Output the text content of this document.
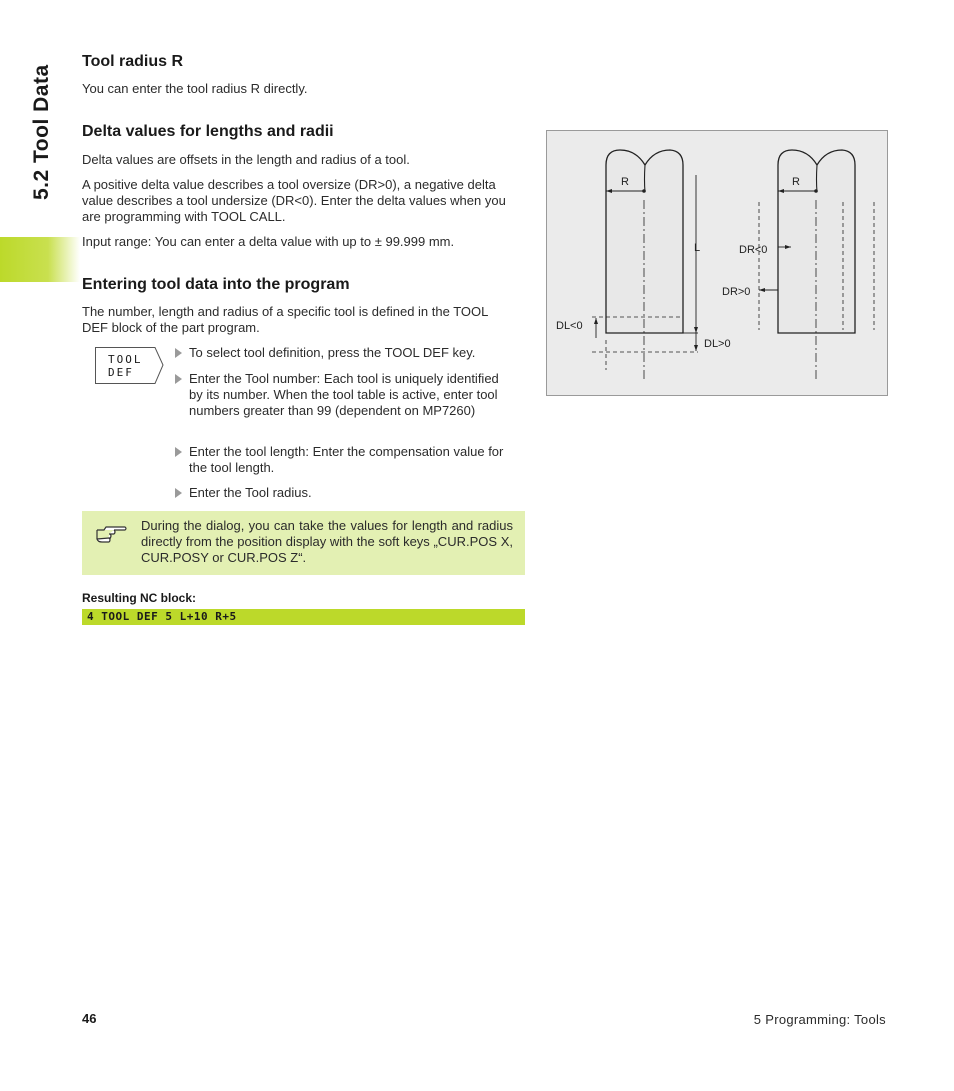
5.2 Tool Data
Tool radius R

You can enter the tool radius R directly.

Delta values for lengths and radii

Delta values are offsets in the length and radius of a tool.

A positive delta value describes a tool oversize (DR>0), a negative delta value describes a tool undersize (DR<0). Enter the delta values when you are programming with TOOL CALL.

Input range: You can enter a delta value with up to ± 99.999 mm.

Entering tool data into the program

The number, length and radius of a specific tool is defined in the TOOL DEF block of the part program.

TOOL
DEF
To select tool definition, press the TOOL DEF key.
Enter the Tool number: Each tool is uniquely identified by its number. When the tool table is active, enter tool numbers greater than 99 (dependent on MP7260)
Enter the tool length: Enter the compensation value for the tool length.
Enter the Tool radius.
During the dialog, you can take the values for length and radius directly from the position display with the soft keys „CUR.POS X, CUR.POSY or CUR.POS Z“.
Resulting NC block:
4 TOOL DEF 5 L+10 R+5
R	R
L	DR<0
DR>0
DL<0
DL>0
46	5 Programming: Tools
